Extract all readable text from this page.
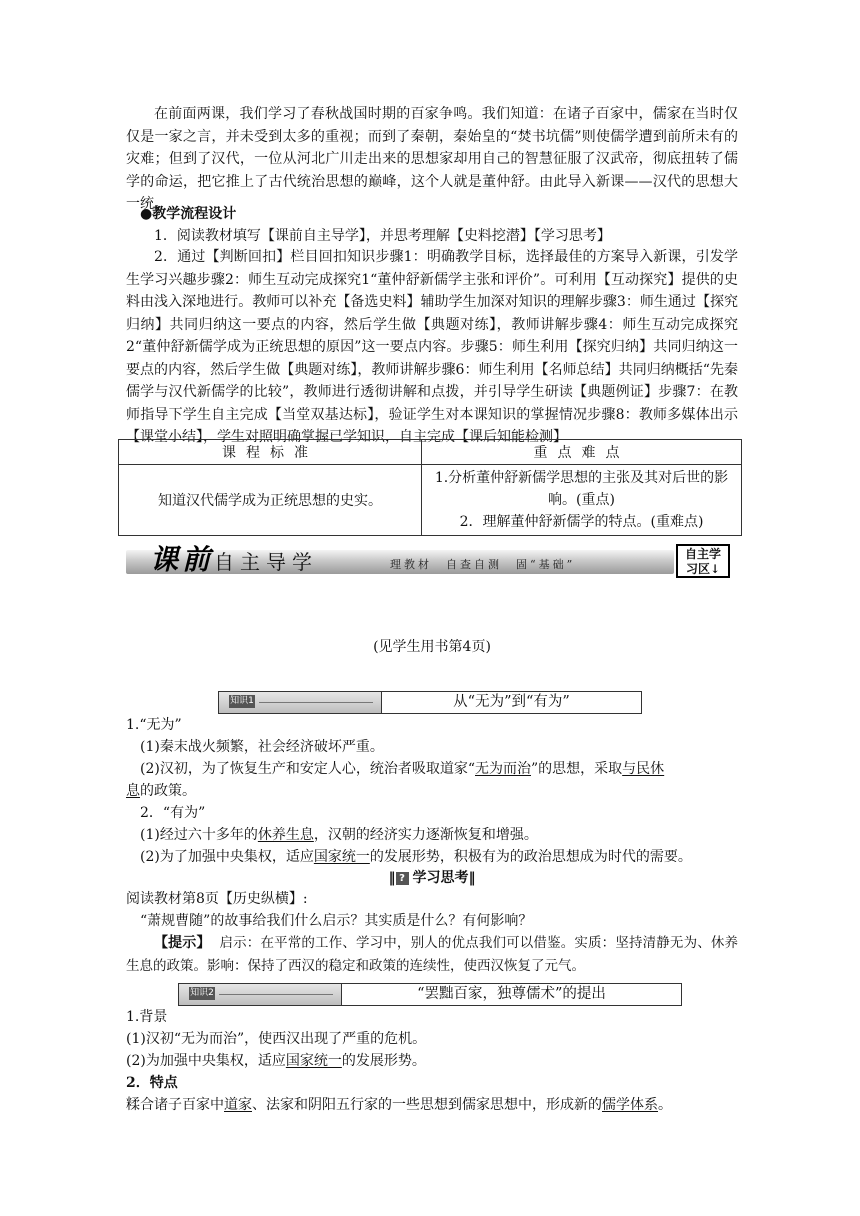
在前面两课，我们学习了春秋战国时期的百家争鸣。我们知道：在诸子百家中，儒家在当时仅仅是一家之言，并未受到太多的重视；而到了秦朝，秦始皇的“焚书坑儒”则使儒学遭到前所未有的灾难；但到了汉代，一位从河北广川走出来的思想家却用自己的智慧征服了汉武帝，彻底扭转了儒学的命运，把它推上了古代统治思想的巅峰，这个人就是董仲舒。由此导入新课——汉代的思想大一统。

●教学流程设计

1．阅读教材填写【课前自主导学】，并思考理解【史料挖潜】【学习思考】

2．通过【判断回扣】栏目回扣知识步骤1：明确教学目标，选择最佳的方案导入新课，引发学生学习兴趣步骤2：师生互动完成探究1“董仲舒新儒学主张和评价”。可利用【互动探究】提供的史料由浅入深地进行。教师可以补充【备选史料】辅助学生加深对知识的理解步骤3：师生通过【探究归纳】共同归纳这一要点的内容，然后学生做【典题对练】，教师讲解步骤4：师生互动完成探究2“董仲舒新儒学成为正统思想的原因”这一要点内容。步骤5：师生利用【探究归纳】共同归纳这一要点的内容，然后学生做【典题对练】，教师讲解步骤6：师生利用【名师总结】共同归纳概括“先秦儒学与汉代新儒学的比较”，教师进行透彻讲解和点拨，并引导学生研读【典题例证】步骤7：在教师指导下学生自主完成【当堂双基达标】，验证学生对本课知识的掌握情况步骤8：教师多媒体出示【课堂小结】，学生对照明确掌握已学知识，自主完成【课后知能检测】

课程标准	重点难点
知道汉代儒学成为正统思想的史实。	1.分析董仲舒新儒学思想的主张及其对后世的影响。(重点)
2．理解董仲舒新儒学的特点。(重难点)
课前 自主导学	理教材　自查自测　固“基础”
自主学
习区↓

(见学生用书第4页)

知识1	从“无为”到“有为”

1.“无为”

(1)秦末战火频繁，社会经济破坏严重。

(2)汉初，为了恢复生产和安定人心，统治者吸取道家“无为而治”的思想，采取与民休

息的政策。

2．“有为”

(1)经过六十多年的休养生息，汉朝的经济实力逐渐恢复和增强。

(2)为了加强中央集权，适应国家统一的发展形势，积极有为的政治思想成为时代的需要。

‖ ? 学习思考‖

阅读教材第8页【历史纵横】:

“萧规曹随”的故事给我们什么启示？其实质是什么？有何影响？

【提示】 启示：在平常的工作、学习中，别人的优点我们可以借鉴。实质：坚持清静无为、休养生息的政策。影响：保持了西汉的稳定和政策的连续性，使西汉恢复了元气。

知识2	“罢黜百家，独尊儒术”的提出

1.背景

(1)汉初“无为而治”，使西汉出现了严重的危机。

(2)为加强中央集权，适应国家统一的发展形势。

2．特点

糅合诸子百家中道家、法家和阴阳五行家的一些思想到儒家思想中，形成新的儒学体系。
